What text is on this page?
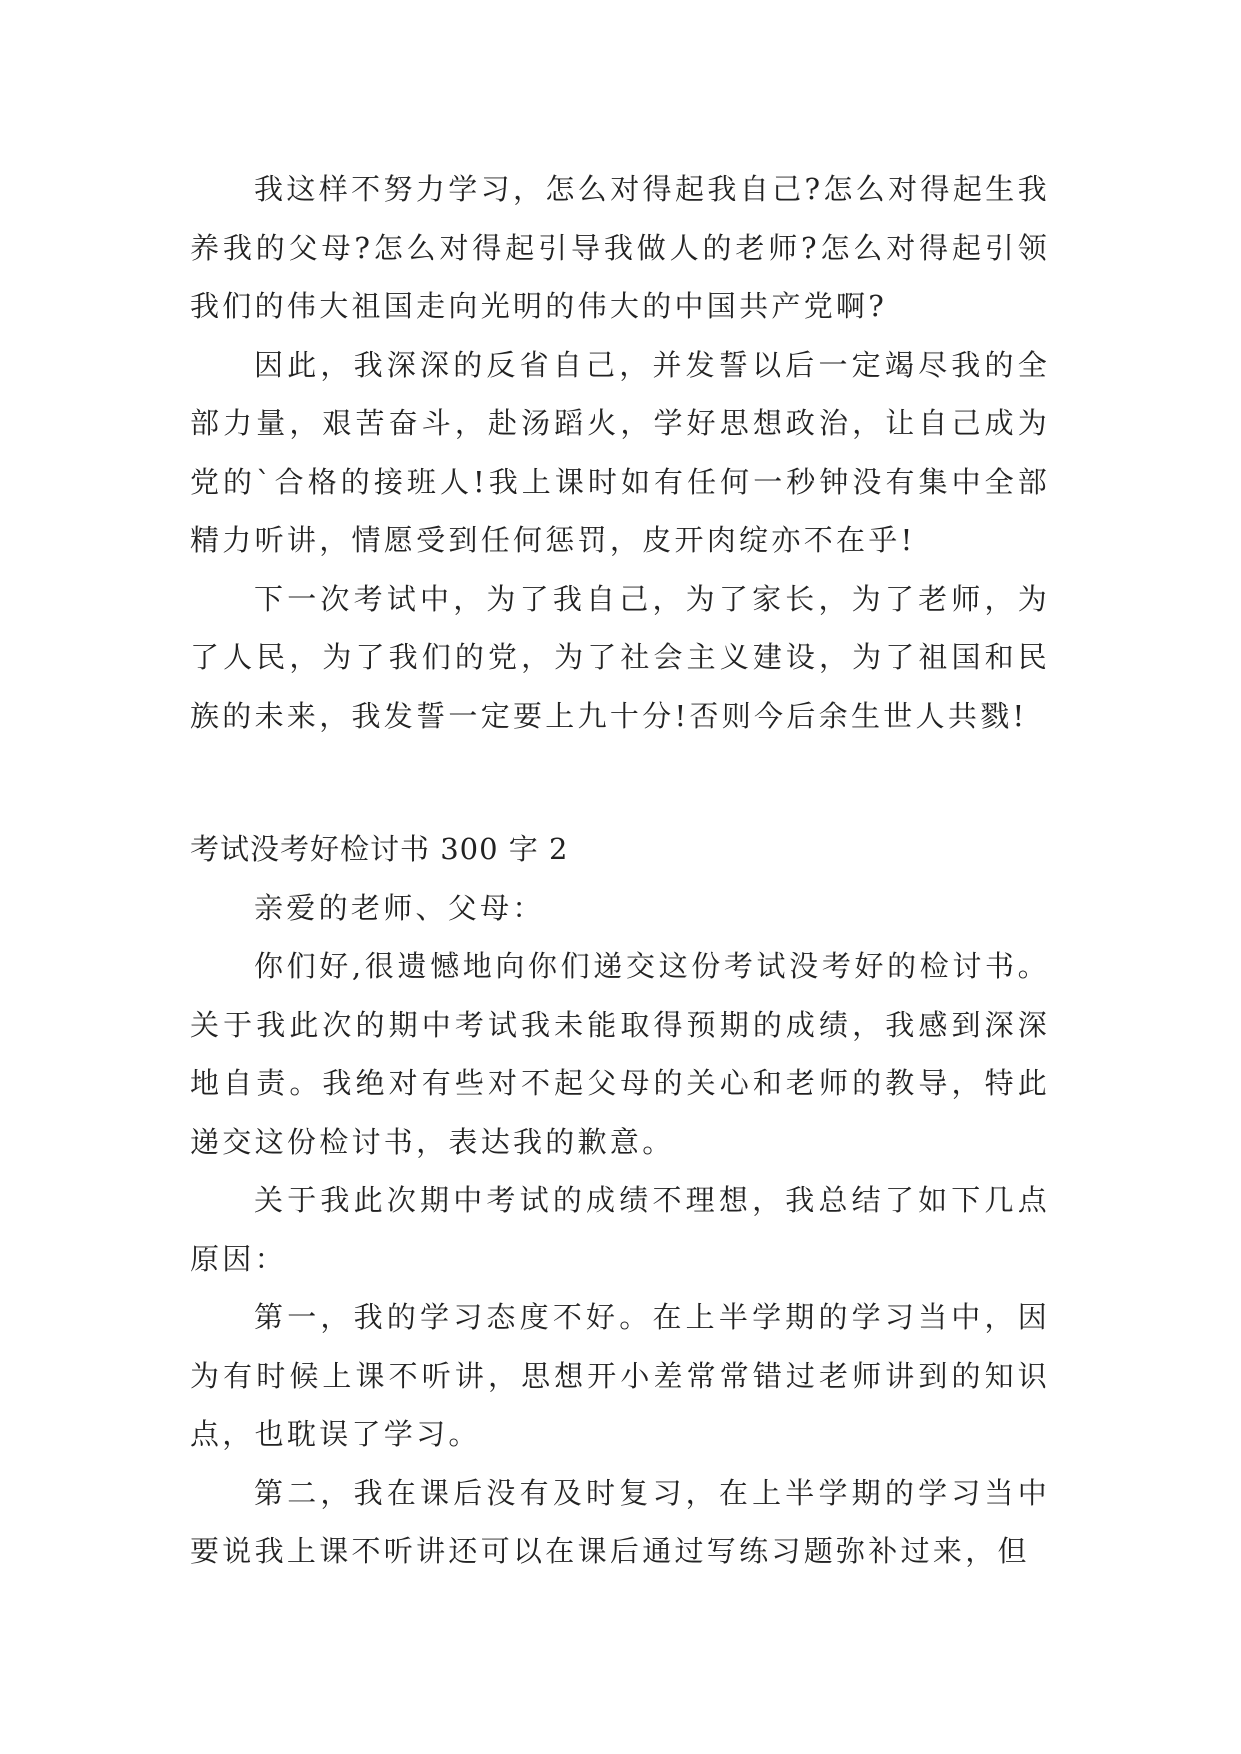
我这样不努力学习，怎么对得起我自己?怎么对得起生我养我的父母?怎么对得起引导我做人的老师?怎么对得起引领我们的伟大祖国走向光明的伟大的中国共产党啊?

因此，我深深的反省自己，并发誓以后一定竭尽我的全部力量，艰苦奋斗，赴汤蹈火，学好思想政治，让自己成为党的`合格的接班人!我上课时如有任何一秒钟没有集中全部精力听讲，情愿受到任何惩罚，皮开肉绽亦不在乎!

下一次考试中，为了我自己，为了家长，为了老师，为了人民，为了我们的党，为了社会主义建设，为了祖国和民族的未来，我发誓一定要上九十分!否则今后余生世人共戮!

考试没考好检讨书 300 字 2

亲爱的老师、父母：

你们好,很遗憾地向你们递交这份考试没考好的检讨书。关于我此次的期中考试我未能取得预期的成绩，我感到深深地自责。我绝对有些对不起父母的关心和老师的教导，特此递交这份检讨书，表达我的歉意。

关于我此次期中考试的成绩不理想，我总结了如下几点原因：

第一，我的学习态度不好。在上半学期的学习当中，因为有时候上课不听讲，思想开小差常常错过老师讲到的知识点，也耽误了学习。

第二，我在课后没有及时复习，在上半学期的学习当中要说我上课不听讲还可以在课后通过写练习题弥补过来，但
